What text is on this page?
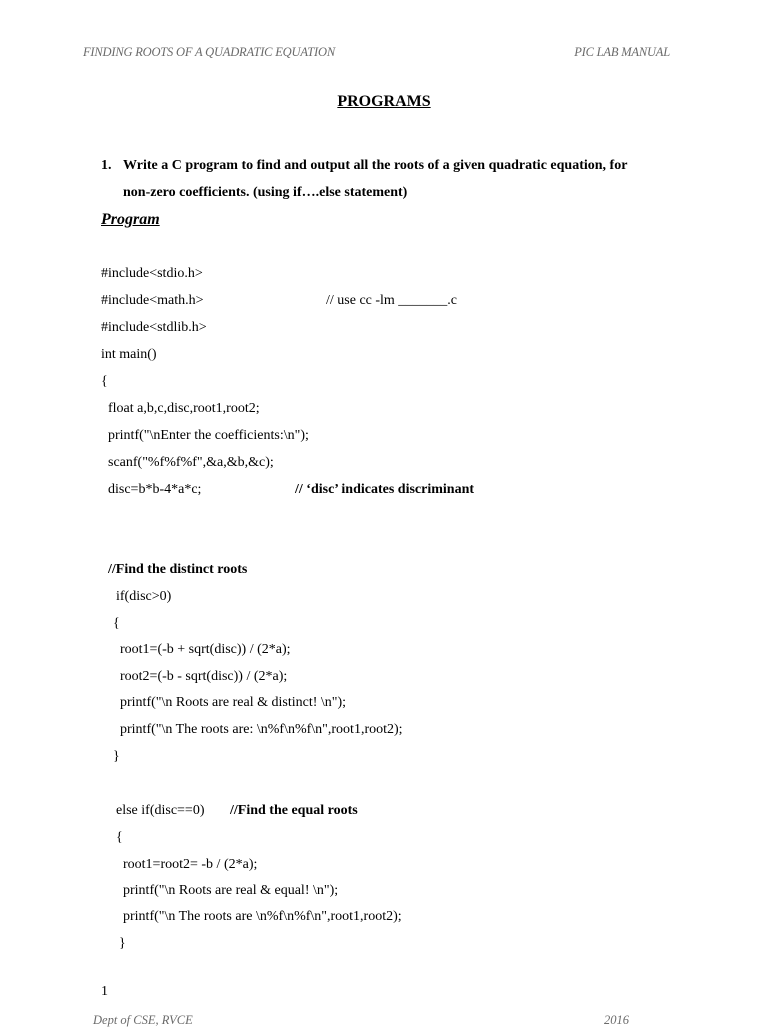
FINDING ROOTS OF A QUADRATIC EQUATION	PIC LAB MANUAL
PROGRAMS
1. Write a C program to find and output all the roots of a given quadratic equation, for
non-zero coefficients. (using if….else statement)
Program
#include<stdio.h>
#include<math.h>	// use cc -lm _______.c
#include<stdlib.h>
int main()
{
float a,b,c,disc,root1,root2;
printf("\nEnter the coefficients:\n");
scanf("%f%f%f",&a,&b,&c);
disc=b*b-4*a*c;	// ‘disc’ indicates discriminant
//Find the distinct roots
if(disc>0)
{
root1=(-b + sqrt(disc)) / (2*a);
root2=(-b - sqrt(disc)) / (2*a);
printf("\n Roots are real & distinct! \n");
printf("\n The roots are: \n%f\n%f\n",root1,root2);
}
else if(disc==0) //Find the equal roots
{
root1=root2= -b / (2*a);
printf("\n Roots are real & equal! \n");
printf("\n The roots are \n%f\n%f\n",root1,root2);
}
1
Dept of CSE, RVCE	2016
